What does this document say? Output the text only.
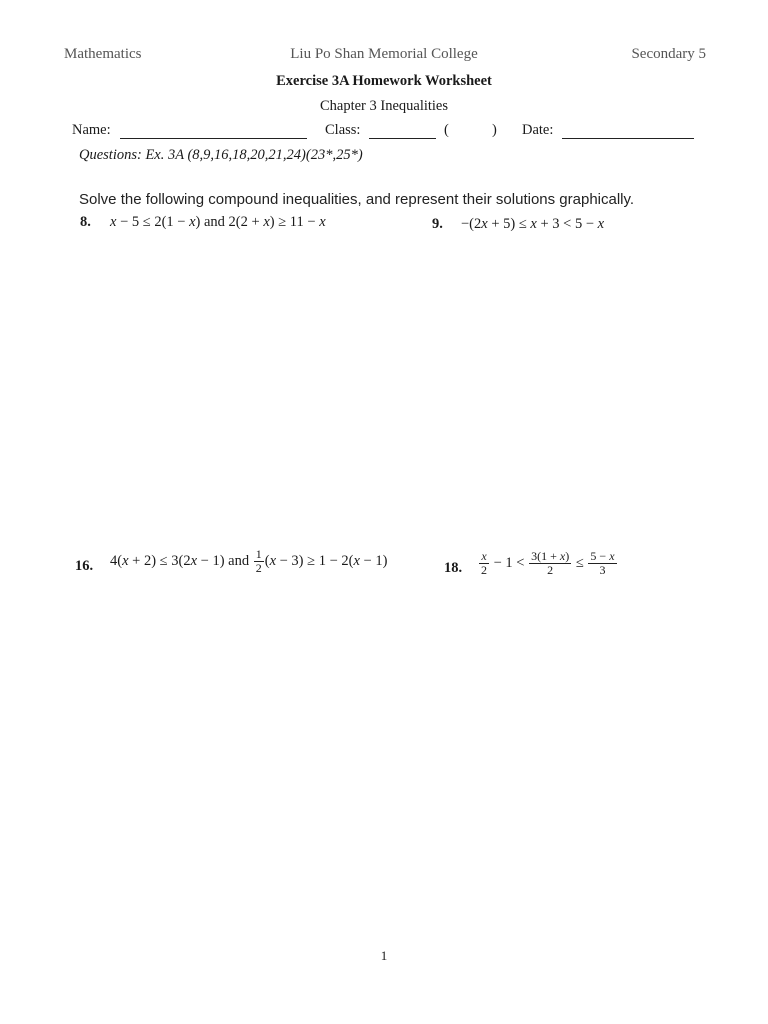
Mathematics	Liu Po Shan Memorial College	Secondary 5
Exercise 3A Homework Worksheet
Chapter 3 Inequalities
Name:	Class:	(	) Date:
Questions: Ex. 3A (8,9,16,18,20,21,24)(23*,25*)
Solve the following compound inequalities, and represent their solutions graphically.
8. x − 5 ≤ 2(1 − x) and 2(2 + x) ≥ 11 − x	9. −(2x + 5) ≤ x + 3 < 5 − x
16. 4(x + 2) ≤ 3(2x − 1) and $\frac{1}{2} (x - 3) \ge 1 - 2(x - 1)$	18. $\frac{x}{2} - 1 < \frac{3(1 + x)}{2} \le \frac{5 - x}{3}$
1
